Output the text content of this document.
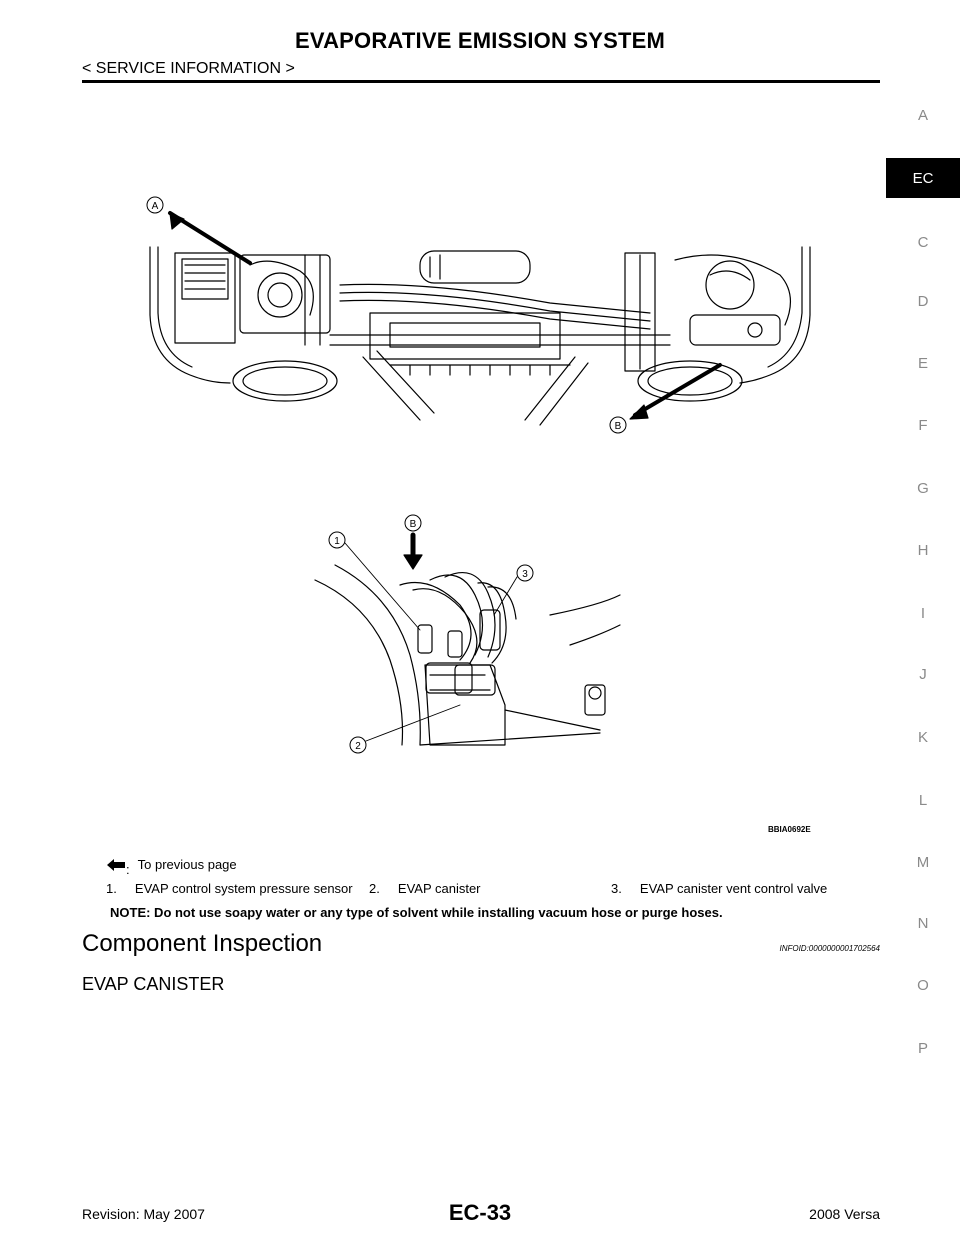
EVAPORATIVE EMISSION SYSTEM
< SERVICE INFORMATION >
A
EC
C
D
E
F
G
H
I
J
K
L
M
N
O
P
A
B
B
1
3
2
BBIA0692E
: To previous page
1.     EVAP control system pressure sensor 2.     EVAP canister	3.     EVAP canister vent control valve
NOTE: Do not use soapy water or any type of solvent while installing vacuum hose or purge hoses.
Component Inspection	INFOID:0000000001702564
EVAP CANISTER
Revision: May 2007	EC-33	2008 Versa
